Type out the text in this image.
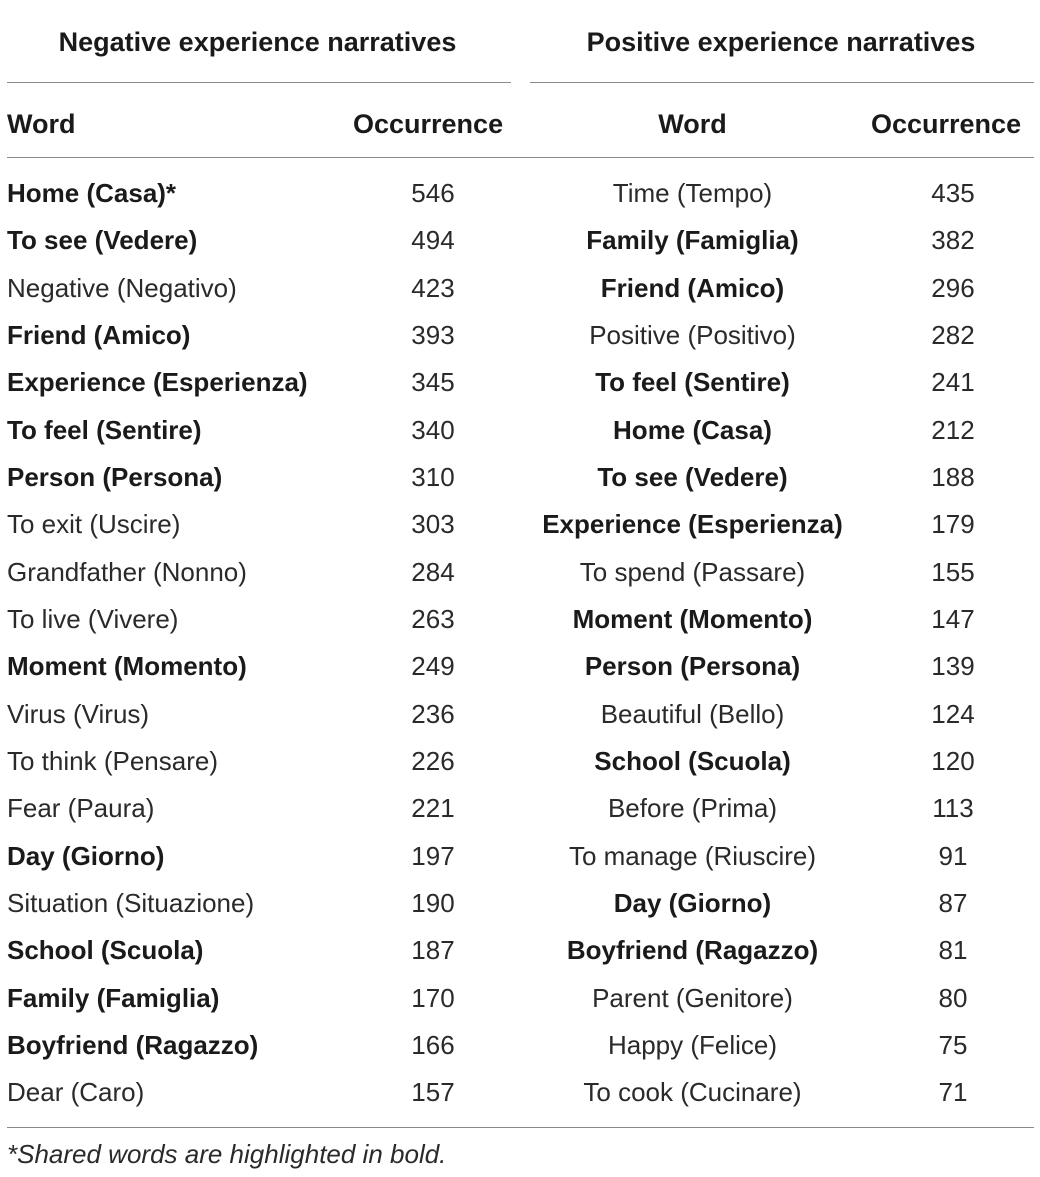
Negative experience narratives	Positive experience narratives
Word	Occurrence	Word	Occurrence
Home (Casa)*	546	Time (Tempo)	435
To see (Vedere)	494	Family (Famiglia)	382
Negative (Negativo)	423	Friend (Amico)	296
Friend (Amico)	393	Positive (Positivo)	282
Experience (Esperienza)	345	To feel (Sentire)	241
To feel (Sentire)	340	Home (Casa)	212
Person (Persona)	310	To see (Vedere)	188
To exit (Uscire)	303	Experience (Esperienza)	179
Grandfather (Nonno)	284	To spend (Passare)	155
To live (Vivere)	263	Moment (Momento)	147
Moment (Momento)	249	Person (Persona)	139
Virus (Virus)	236	Beautiful (Bello)	124
To think (Pensare)	226	School (Scuola)	120
Fear (Paura)	221	Before (Prima)	113
Day (Giorno)	197	To manage (Riuscire)	91
Situation (Situazione)	190	Day (Giorno)	87
School (Scuola)	187	Boyfriend (Ragazzo)	81
Family (Famiglia)	170	Parent (Genitore)	80
Boyfriend (Ragazzo)	166	Happy (Felice)	75
Dear (Caro)	157	To cook (Cucinare)	71
*Shared words are highlighted in bold.
